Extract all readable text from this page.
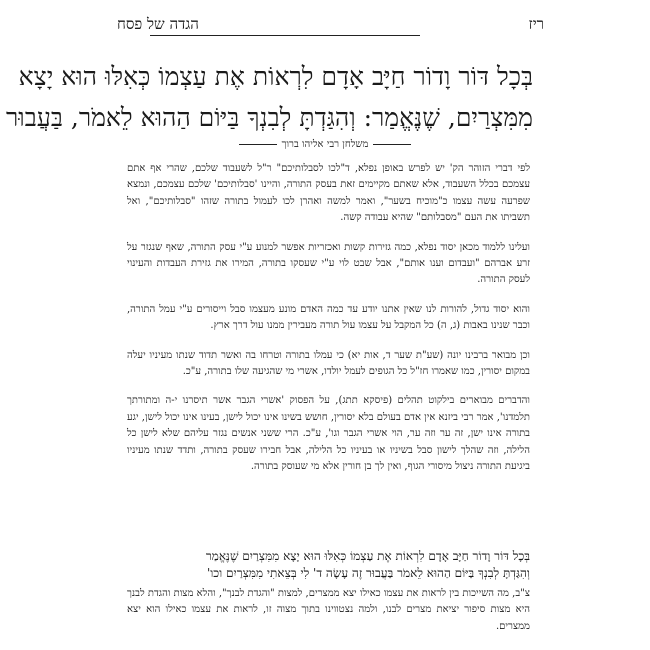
ריז
הגדה של פסח
בְּכָל דּוֹר וָדוֹר חַיָּב אָדָם לִרְאוֹת אֶת עַצְמוֹ כְּאִלּוּ הוּא יָצָא
מִמִּצְרַיִם, שֶׁנֶּאֱמַר: וְהִגַּדְתָּ לְבִנְךָ בַּיּוֹם הַהוּא לֵאמֹר, בַּעֲבוּר
משלחן רבי אליהו ברוך

לפי דברי הזוהר הק' יש לפרש באופן נפלא, ד"לכו לסבלותיכם" ר"ל לשעבוד שלכם, שהרי אף אתם עצמכם בכלל השעבוד, אלא שאתם מקיימים זאת בעסק התורה, והיינו 'סבלותיכם' שלכם עצמכם, ונמצא שפרעה עשה עצמו כ"מוכיח בשער", ואמר למשה ואהרן לכו לעמול בתורה שזהו "סבלותיכם", ואל תשביתו את העם "מסבלותם" שהיא עבודה קשה.

ועלינו ללמוד מכאן יסוד נפלא, כמה גזירות קשות ואכזריות אפשר למנוע ע"י עסק התורה, שאף שנגזר על זרע אברהם "ועבדום וענו אותם", אבל שבט לוי ע"י שעסקו בתורה, המירו את גזירת העבדות והעינוי לעסק התורה.

והוא יסוד גדול, להורות לנו שאין אתנו יודע עד כמה האדם מונע מעצמו סבל וייסורים ע"י עמל התורה, וכבר שנינו באבות (ג, ה) כל המקבל על עצמו עול תורה מעבירין ממנו עול דרך ארץ.

וכן מבואר ברבינו יונה (שע"ת שער ד, אות יא) כי עמלו בתורה וטרחו בה ואשר תדוד שנתו מעיניו יעלה במקום יסורין, כמו שאמרו חז"ל כל הגופים לעמל יולדו, אשרי מי שהגיעה שלו בתורה, ע"כ.

והדברים מבוארים בילקוט תהלים (פיסקא תתג), על הפסוק 'אשרי הגבר אשר תיסרנו י-ה ומתורתך תלמדנו', אמר רבי ביזנא אין אדם בעולם בלא יסורין, חושש בשינו אינו יכול לישן, בעינו אינו יכול לישן, יגע בתורה אינו ישן, זה ער וזה ער, הוי אשרי הגבר וגו', ע"כ. הרי ששני אנשים נגזר עליהם שלא לישן כל הלילה, וזה שהלך לישון סבל בשיניו או בעיניו כל הלילה, אבל חבירו שעסק בתורה, ותדד שנתו מעיניו ביגיעת התורה ניצול מיסורי הגוף, ואין לך בן חורין אלא מי שעוסק בתורה.

בְּכָל דּוֹר וָדוֹר חַיָּב אָדָם לִרְאוֹת אֶת עַצְמוֹ כְּאִלּוּ הוּא יָצָא מִמִּצְרַיִם שֶׁנֶּאֱמַר
וְהִגַּדְתָּ לְבִנְךָ בַּיּוֹם הַהוּא לֵאמֹר בַּעֲבוּר זֶה עָשָׂה ד' לִי בְּצֵאתִי מִמִּצְרַיִם וכו'
צ"ב, מה השייכות בין לראות את עצמו כאילו יצא ממצרים, למצות "והגדת לבנך", והלא מצות והגדת לבנך היא מצות סיפור יציאת מצרים לבנו, ולמה נצטווינו בתוך מצוה זו, לראות את עצמו כאילו הוא יצא ממצרים.
